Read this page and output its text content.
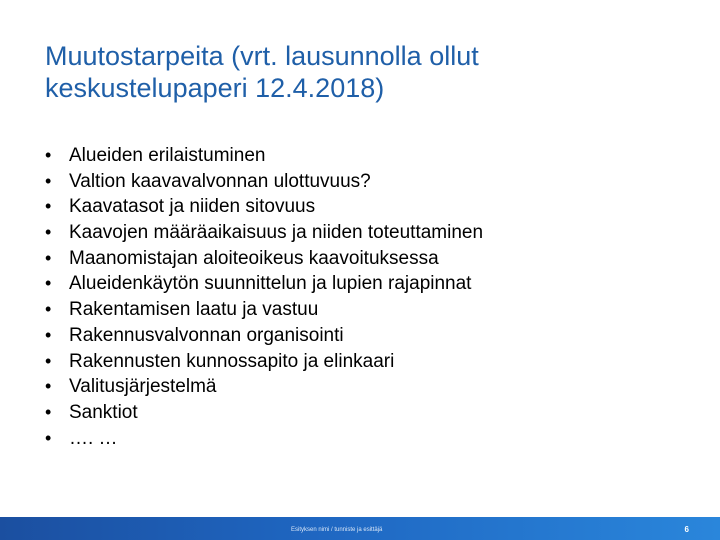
Muutostarpeita (vrt. lausunnolla ollut
keskustelupaperi 12.4.2018)
• Alueiden erilaistuminen
• Valtion kaavavalvonnan ulottuvuus?
• Kaavatasot ja niiden sitovuus
• Kaavojen määräaikaisuus ja niiden toteuttaminen
• Maanomistajan aloiteoikeus kaavoituksessa
• Alueidenkäytön suunnittelun ja lupien rajapinnat
• Rakentamisen laatu ja vastuu
• Rakennusvalvonnan organisointi
• Rakennusten kunnossapito ja elinkaari
• Valitusjärjestelmä
• Sanktiot
• …. …
Esityksen nimi / tunniste ja esittäjä	6
